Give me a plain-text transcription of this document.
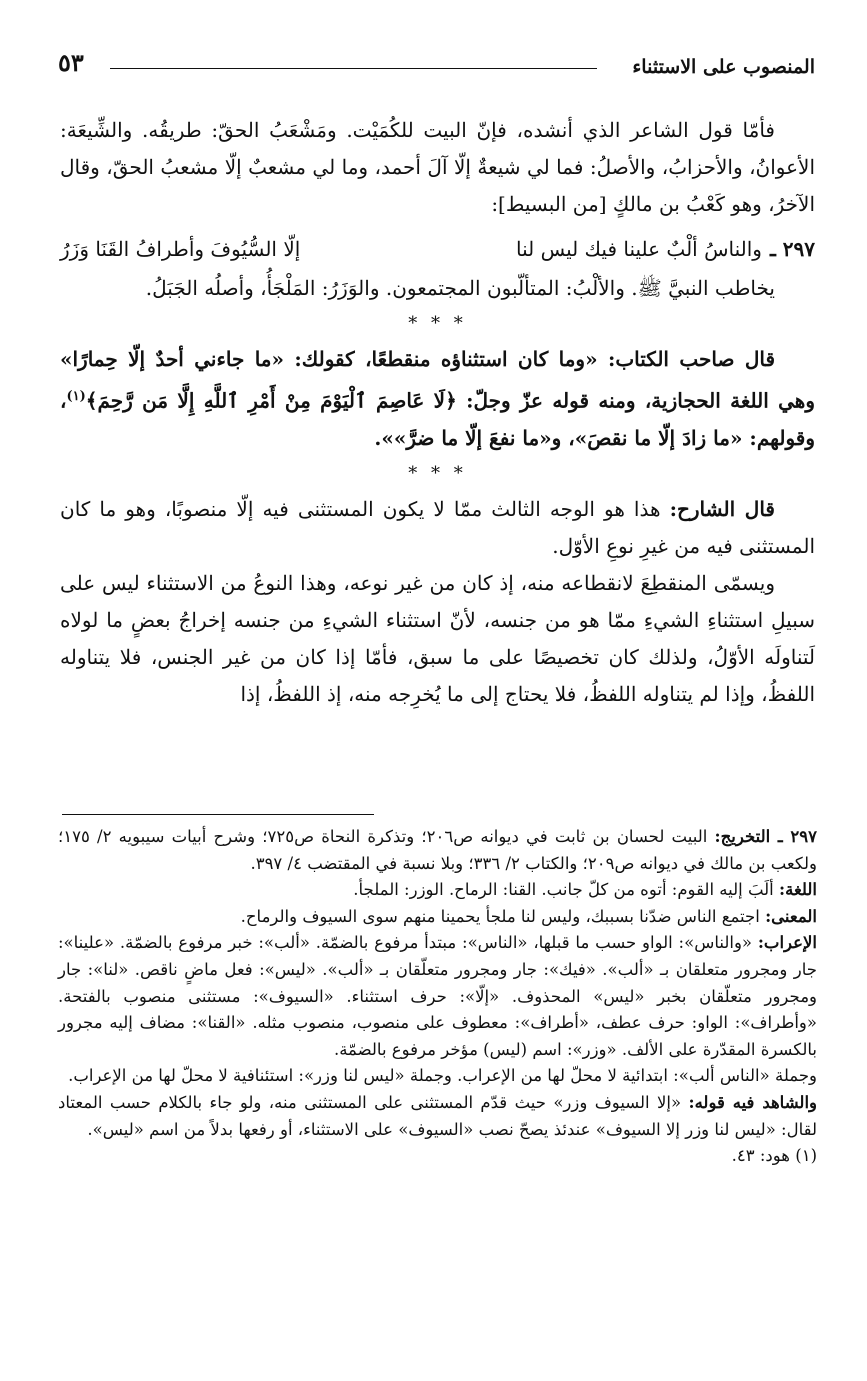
المنصوب على الاستثناء
٥٣

فأمّا قول الشاعر الذي أنشده، فإنّ البيت للكُمَيْت. ومَشْعَبُ الحقّ: طريقُه. والشِّيعَة: الأعوانُ، والأحزابُ، والأصلُ: فما لي شيعةٌ إلّا آلَ أحمد، وما لي مشعبٌ إلّا مشعبُ الحقّ، وقال الآخرُ، وهو كَعْبُ بن مالكٍ [من البسيط]:

٢٩٧ ـ
والناسُ ألْبٌ علينا فيك ليس لنا
إلّا السُّيُوفَ وأطرافُ القَنَا وَزَرُ

يخاطب النبيَّ ﷺ. والألْبُ: المتألّبون المجتمعون. والوَزَرُ: المَلْجَأُ، وأصلُه الجَبَلُ.

* * *

قال صاحب الكتاب: «وما كان استثناؤه منقطعًا، كقولك: «ما جاءني أحدٌ إلّا حِمارًا» وهي اللغة الحجازية، ومنه قوله عزّ وجلّ: ﴿لَا عَاصِمَ ٱلْيَوْمَ مِنْ أَمْرِ ٱللَّهِ إِلَّا مَن رَّحِمَ﴾$^{(١)}$، وقولهم: «ما زادَ إلّا ما نقصَ»، و«ما نفعَ إلّا ما ضرَّ»».

* * *

قال الشارح: هذا هو الوجه الثالث ممّا لا يكون المستثنى فيه إلّا منصوبًا، وهو ما كان المستثنى فيه من غيرِ نوعِ الأوّل.

ويسمّى المنقطِعَ لانقطاعه منه، إذ كان من غير نوعه، وهذا النوعُ من الاستثناء ليس على سبيلِ استثناءِ الشيءِ ممّا هو من جنسه، لأنّ استثناء الشيءِ من جنسه إخراجُ بعضٍ ما لولاه لَتناولَه الأوّلُ، ولذلك كان تخصيصًا على ما سبق، فأمّا إذا كان من غير الجنس، فلا يتناوله اللفظُ، وإذا لم يتناوله اللفظُ، فلا يحتاج إلى ما يُخرِجه منه، إذ اللفظُ، إذا

٢٩٧ ـ التخريج: البيت لحسان بن ثابت في ديوانه ص٢٠٦؛ وتذكرة النحاة ص٧٢٥؛ وشرح أبيات سيبويه ٢/ ١٧٥؛ ولكعب بن مالك في ديوانه ص٢٠٩؛ والكتاب ٢/ ٣٣٦؛ وبلا نسبة في المقتضب ٤/ ٣٩٧.

اللغة: ألَبَ إليه القوم: أتوه من كلّ جانب. القنا: الرماح. الوزر: الملجأ.

المعنى: اجتمع الناس ضدّنا بسببك، وليس لنا ملجأ يحمينا منهم سوى السيوف والرماح.

الإعراب: «والناس»: الواو حسب ما قبلها، «الناس»: مبتدأ مرفوع بالضمّة. «ألب»: خبر مرفوع بالضمّة. «علينا»: جار ومجرور متعلقان بـ «ألب». «فيك»: جار ومجرور متعلّقان بـ «ألب». «ليس»: فعل ماضٍ ناقص. «لنا»: جار ومجرور متعلّقان بخبر «ليس» المحذوف. «إلّا»: حرف استثناء. «السيوف»: مستثنى منصوب بالفتحة. «وأطراف»: الواو: حرف عطف، «أطراف»: معطوف على منصوب، منصوب مثله. «القنا»: مضاف إليه مجرور بالكسرة المقدّرة على الألف. «وزر»: اسم (ليس) مؤخر مرفوع بالضمّة.

وجملة «الناس ألب»: ابتدائية لا محلّ لها من الإعراب. وجملة «ليس لنا وزر»: استئنافية لا محلّ لها من الإعراب.

والشاهد فيه قوله: «إلا السيوف وزر» حيث قدّم المستثنى على المستثنى منه، ولو جاء بالكلام حسب المعتاد لقال: «ليس لنا وزر إلا السيوف» عندئذ يصحّ نصب «السيوف» على الاستثناء، أو رفعها بدلاً من اسم «ليس».

(١) هود: ٤٣.
